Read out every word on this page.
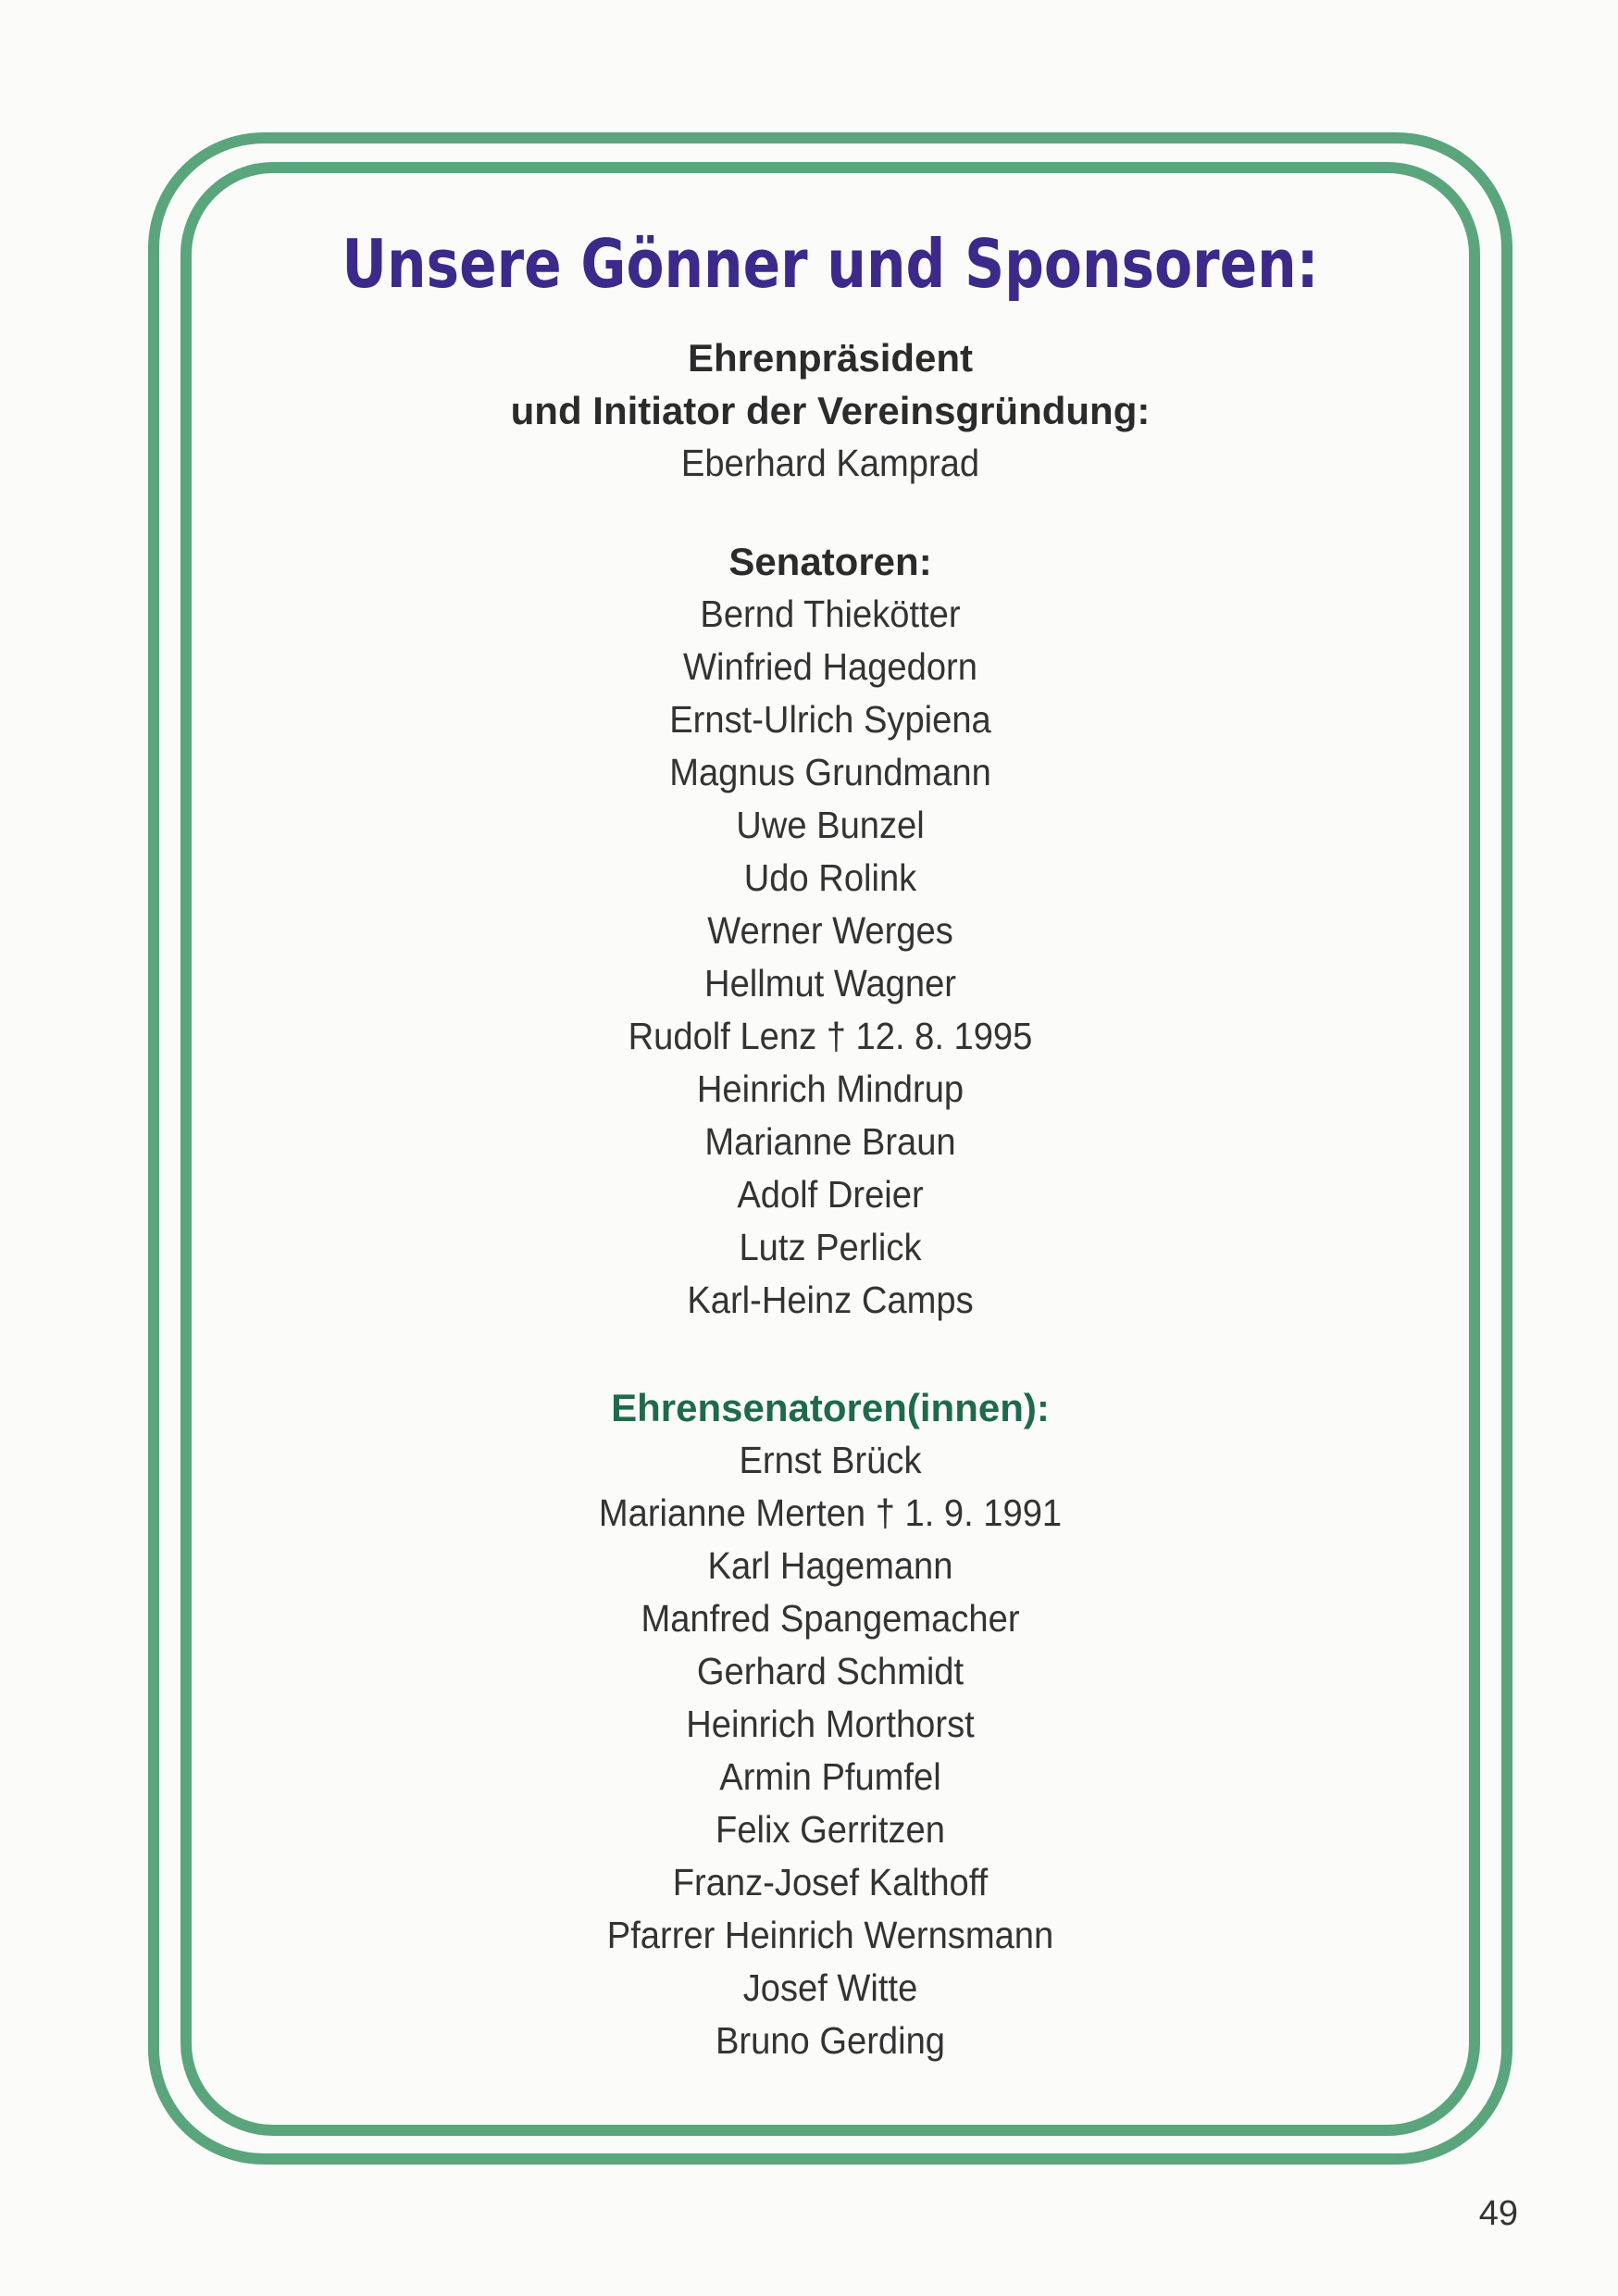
Unsere Gönner und Sponsoren:
Ehrenpräsident
und Initiator der Vereinsgründung:
Eberhard Kamprad
Senatoren:
Bernd Thiekötter
Winfried Hagedorn
Ernst-Ulrich Sypiena
Magnus Grundmann
Uwe Bunzel
Udo Rolink
Werner Werges
Hellmut Wagner
Rudolf Lenz † 12. 8. 1995
Heinrich Mindrup
Marianne Braun
Adolf Dreier
Lutz Perlick
Karl-Heinz Camps
Ehrensenatoren(innen):
Ernst Brück
Marianne Merten † 1. 9. 1991
Karl Hagemann
Manfred Spangemacher
Gerhard Schmidt
Heinrich Morthorst
Armin Pfumfel
Felix Gerritzen
Franz-Josef Kalthoff
Pfarrer Heinrich Wernsmann
Josef Witte
Bruno Gerding
49
